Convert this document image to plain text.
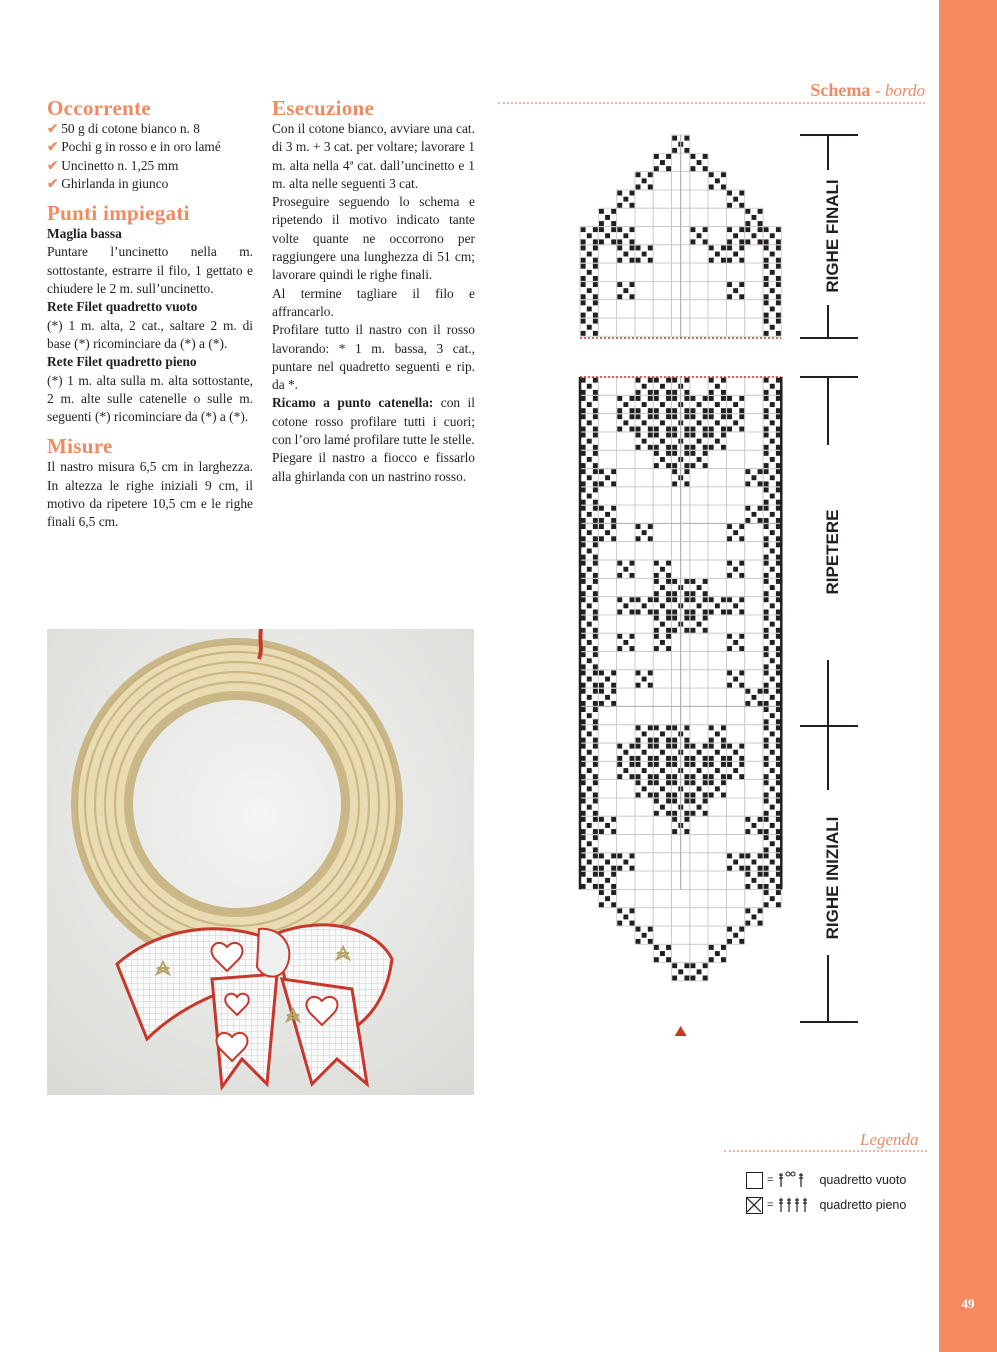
49
Occorrente
✔ 50 g di cotone bianco n. 8
✔ Pochi g in rosso e in oro lamé
✔ Uncinetto n. 1,25 mm
✔ Ghirlanda in giunco
Punti impiegati
Maglia bassa
Puntare l’uncinetto nella m. sottostante, estrarre il filo, 1 gettato e chiudere le 2 m. sull’uncinetto.
Rete Filet quadretto vuoto
(*) 1 m. alta, 2 cat., saltare 2 m. di base (*) ricominciare da (*) a (*).
Rete Filet quadretto pieno
(*) 1 m. alta sulla m. alta sottostante, 2 m. alte sulle catenelle o sulle m. seguenti (*) ricominciare da (*) a (*).
Misure
Il nastro misura 6,5 cm in larghezza. In altezza le righe iniziali 9 cm, il motivo da ripetere 10,5 cm e le righe finali 6,5 cm.
Esecuzione

Con il cotone bianco, avviare una cat. di 3 m. + 3 cat. per voltare; lavorare 1 m. alta nella 4ª cat. dall’uncinetto e 1 m. alta nelle seguenti 3 cat.

Proseguire seguendo lo schema e ripetendo il motivo indicato tante volte quante ne occorrono per raggiungere una lunghezza di 51 cm; lavorare quindi le righe finali.

Al termine tagliare il filo e affrancarlo.

Profilare tutto il nastro con il rosso lavorando: * 1 m. bassa, 3 cat., puntare nel quadretto seguenti e rip. da *.

Ricamo a punto catenella: con il cotone rosso profilare tutti i cuori; con l’oro lamé profilare tutte le stelle.

Piegare il nastro a fiocco e fissarlo alla ghirlanda con un nastrino rosso.

Schema - bordo
RIGHE FINALI
RIPETERE
RIGHE INIZIALI
Legenda
=	quadretto vuoto
=	quadretto pieno
